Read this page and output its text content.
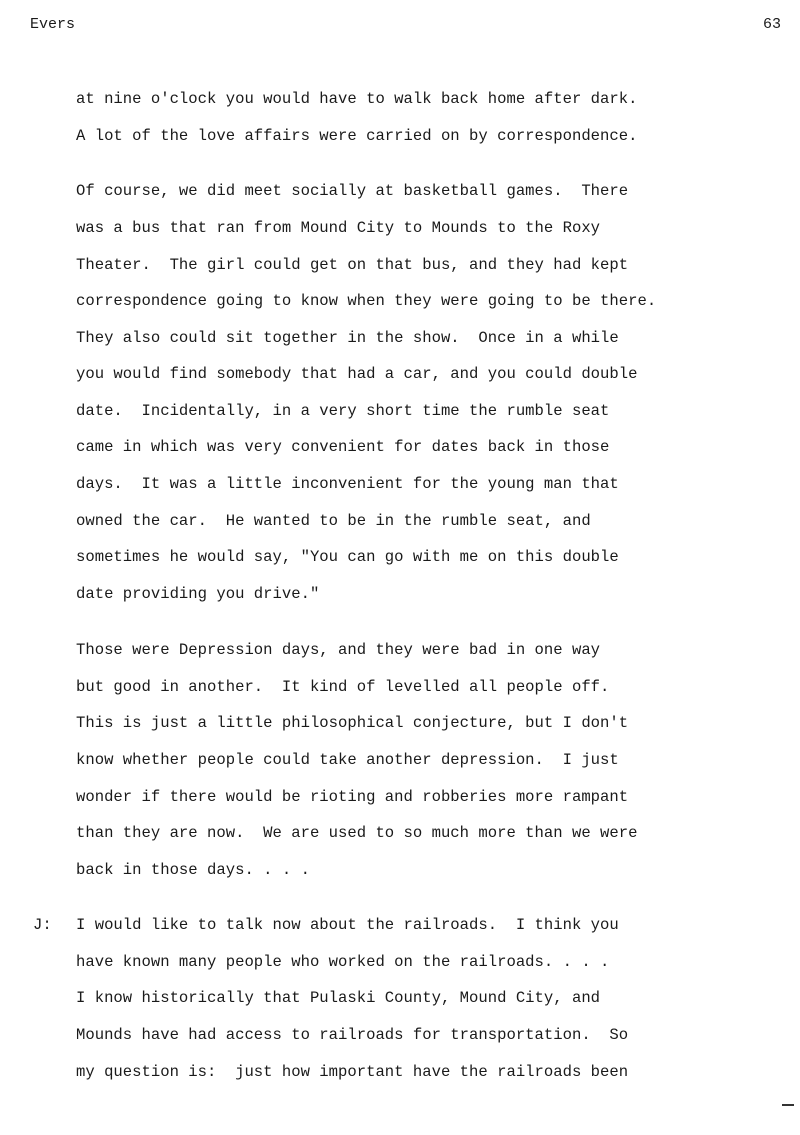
Evers	63
at nine o'clock you would have to walk back home after dark.
A lot of the love affairs were carried on by correspondence.
Of course, we did meet socially at basketball games.  There
was a bus that ran from Mound City to Mounds to the Roxy
Theater.  The girl could get on that bus, and they had kept
correspondence going to know when they were going to be there.
They also could sit together in the show.  Once in a while
you would find somebody that had a car, and you could double
date.  Incidentally, in a very short time the rumble seat
came in which was very convenient for dates back in those
days.  It was a little inconvenient for the young man that
owned the car.  He wanted to be in the rumble seat, and
sometimes he would say, "You can go with me on this double
date providing you drive."
Those were Depression days, and they were bad in one way
but good in another.  It kind of levelled all people off.
This is just a little philosophical conjecture, but I don't
know whether people could take another depression.  I just
wonder if there would be rioting and robberies more rampant
than they are now.  We are used to so much more than we were
back in those days. . . .
J: I would like to talk now about the railroads.  I think you
have known many people who worked on the railroads. . . .
I know historically that Pulaski County, Mound City, and
Mounds have had access to railroads for transportation.  So
my question is:  just how important have the railroads been
